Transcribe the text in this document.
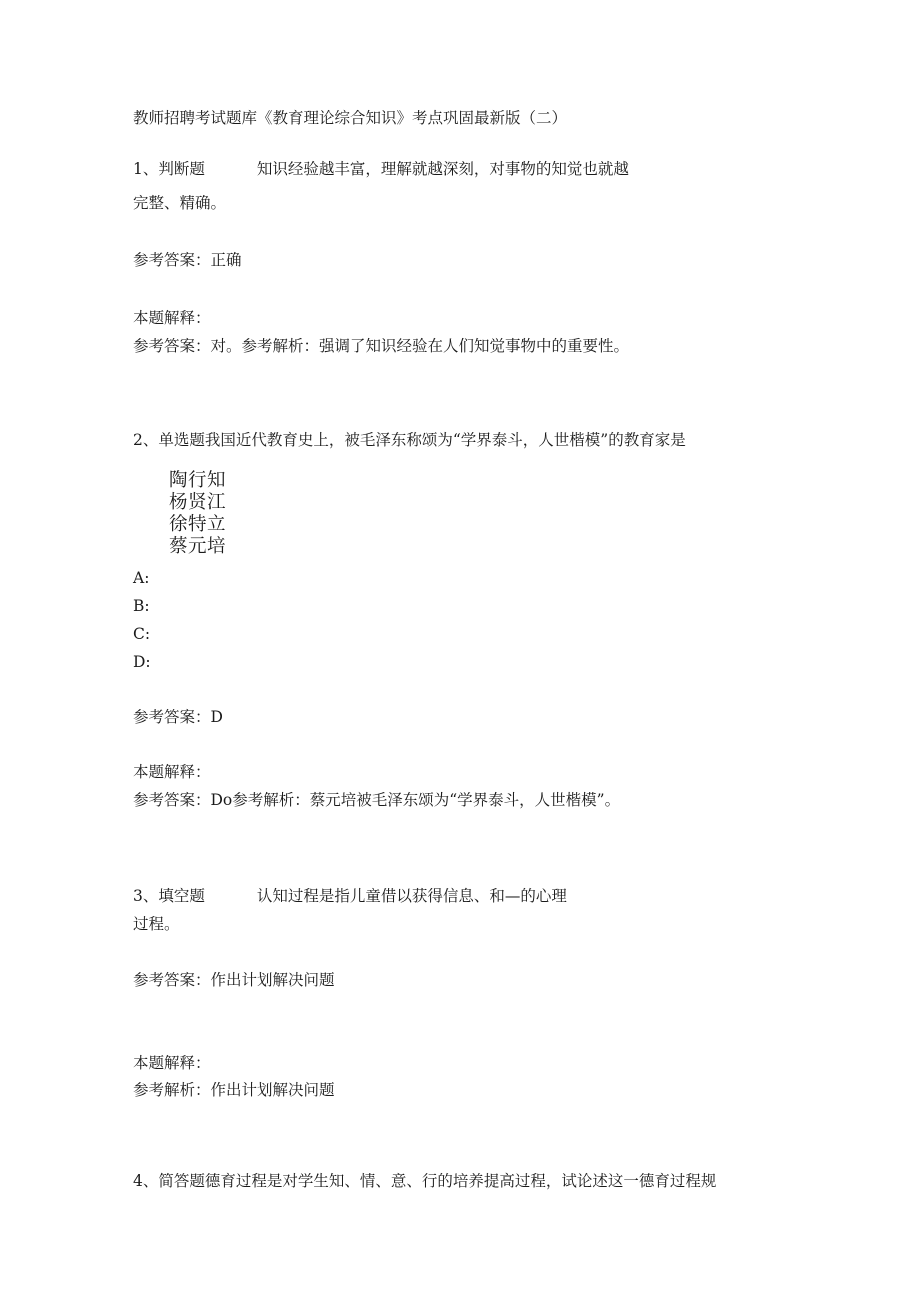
教师招聘考试题库《教育理论综合知识》考点巩固最新版（二）
1、判断题	知识经验越丰富，理解就越深刻，对事物的知觉也就越
完整、精确。
参考答案：正确
本题解释：
参考答案：对。参考解析：强调了知识经验在人们知觉事物中的重要性。
2、单选题我国近代教育史上，被毛泽东称颂为“学界泰斗，人世楷模”的教育家是
陶行知
杨贤江
徐特立
蔡元培
A:
B:
C:
D:
参考答案：D
本题解释：
参考答案：Do参考解析：蔡元培被毛泽东颂为“学界泰斗，人世楷模”。
3、填空题	认知过程是指儿童借以获得信息、和—的心理
过程。
参考答案：作出计划解决问题
本题解释：
参考解析：作出计划解决问题
4、简答题德育过程是对学生知、情、意、行的培养提高过程，试论述这一德育过程规
